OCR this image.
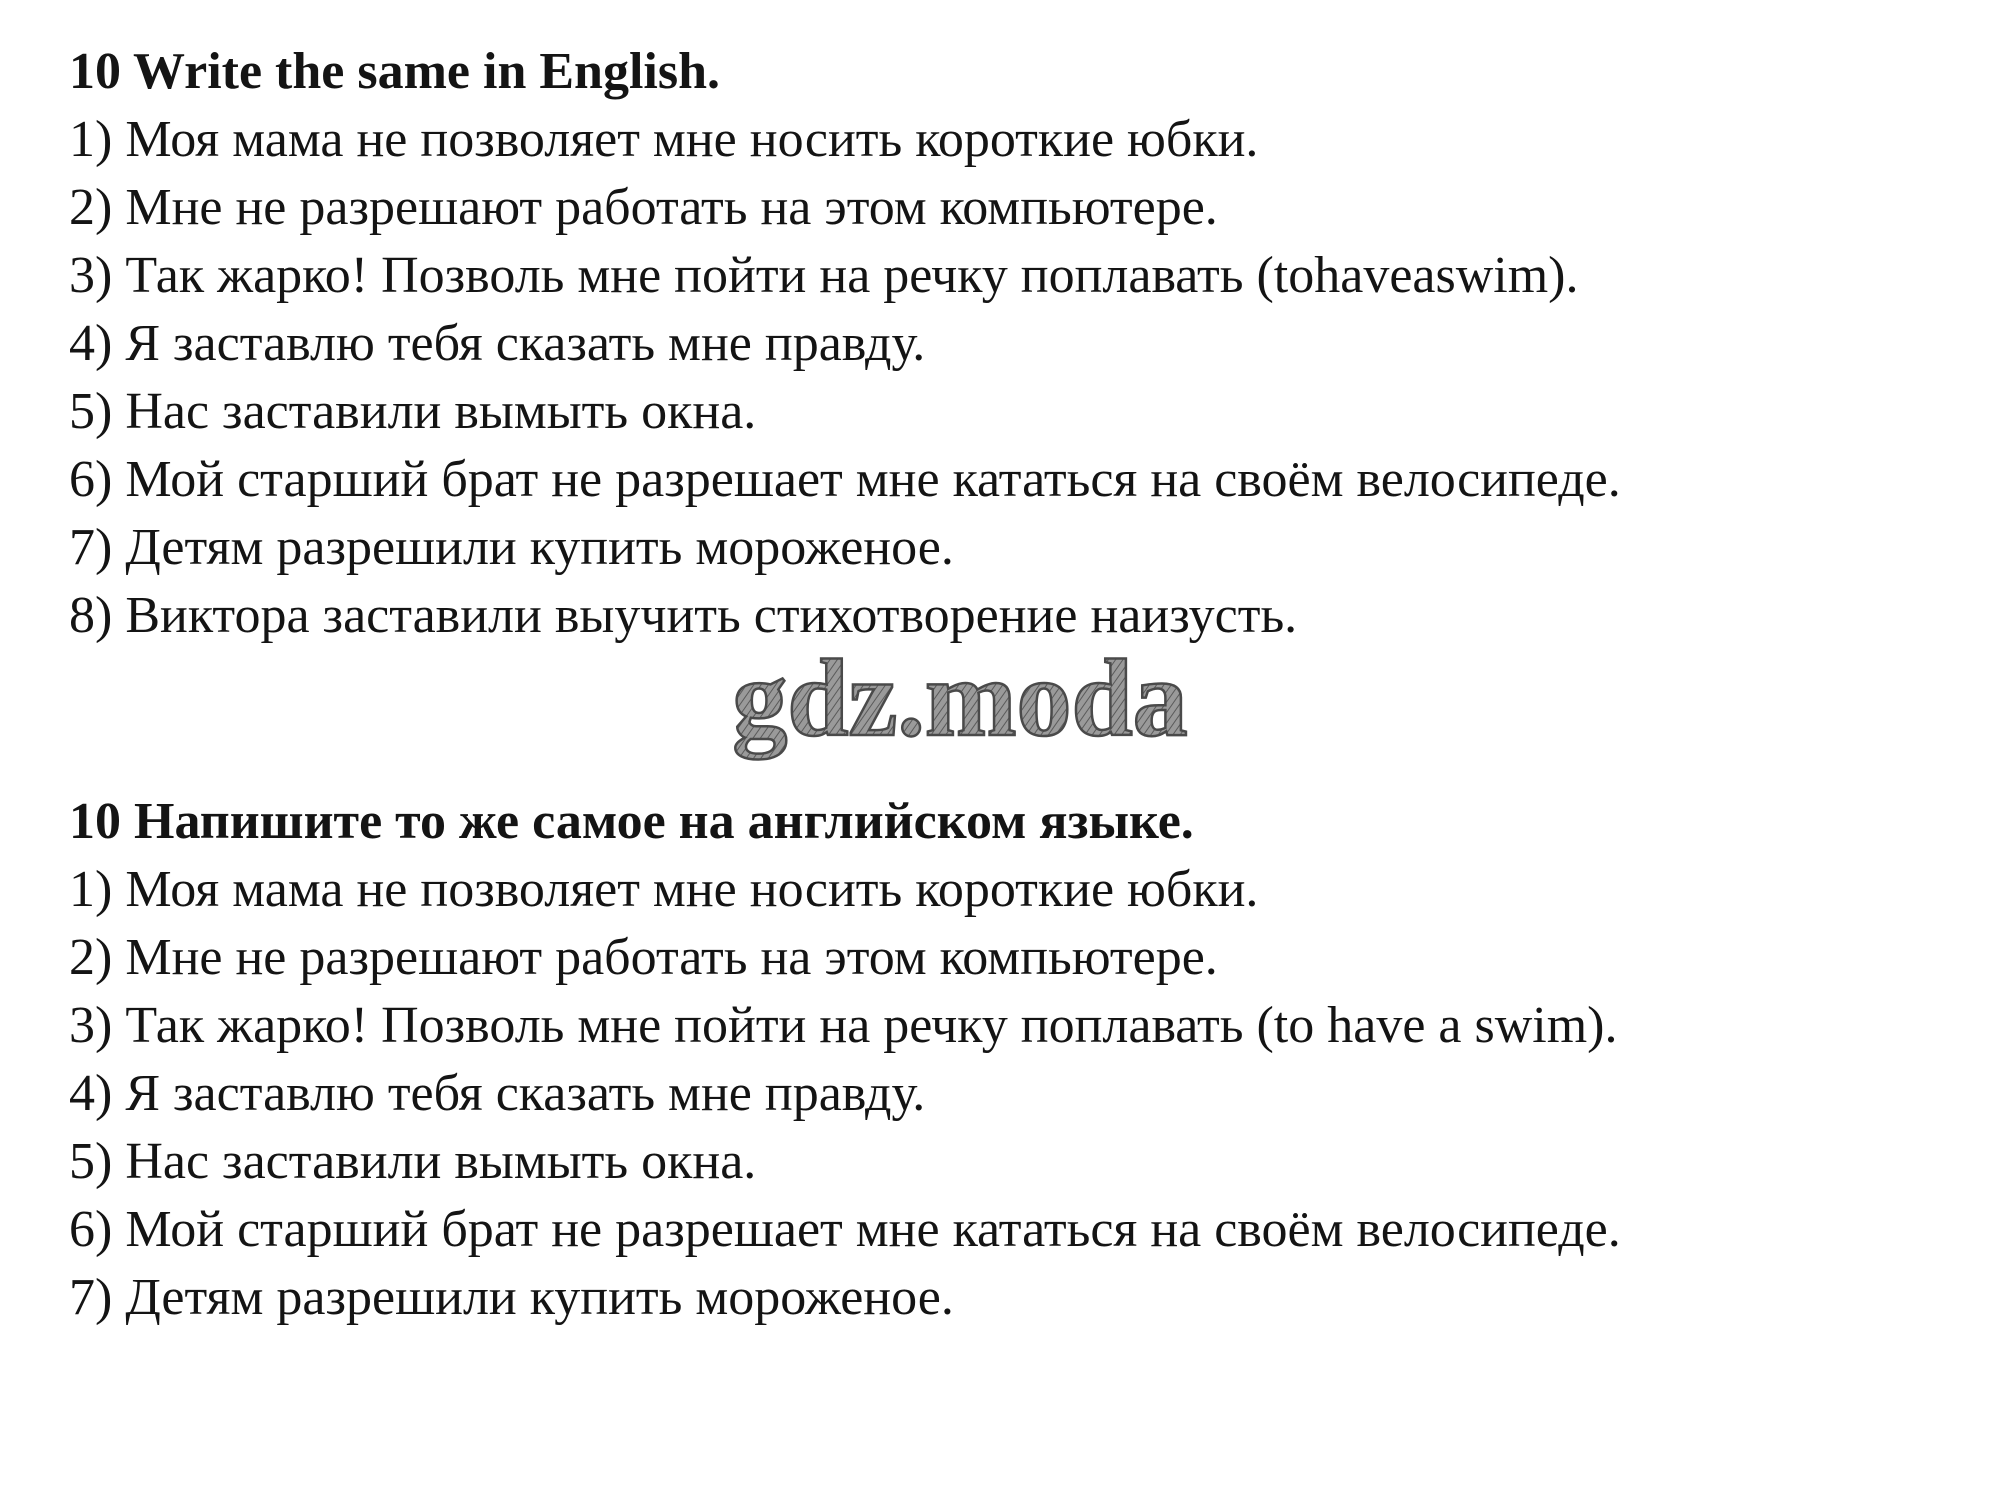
10 Write the same in English.

1) Моя мама не позволяет мне носить короткие юбки.

2) Мне не разрешают работать на этом компьютере.

3) Так жарко! Позволь мне пойти на речку поплавать (tohaveaswim).

4) Я заставлю тебя сказать мне правду.

5) Нас заставили вымыть окна.

6) Мой старший брат не разрешает мне кататься на своём велосипеде.

7) Детям разрешили купить мороженое.

8) Виктора заставили выучить стихотворение наизусть.

gdz.moda

10 Напишите то же самое на английском языке.

1) Моя мама не позволяет мне носить короткие юбки.

2) Мне не разрешают работать на этом компьютере.

3) Так жарко! Позволь мне пойти на речку поплавать (to have a swim).

4) Я заставлю тебя сказать мне правду.

5) Нас заставили вымыть окна.

6) Мой старший брат не разрешает мне кататься на своём велосипеде.

7) Детям разрешили купить мороженое.
